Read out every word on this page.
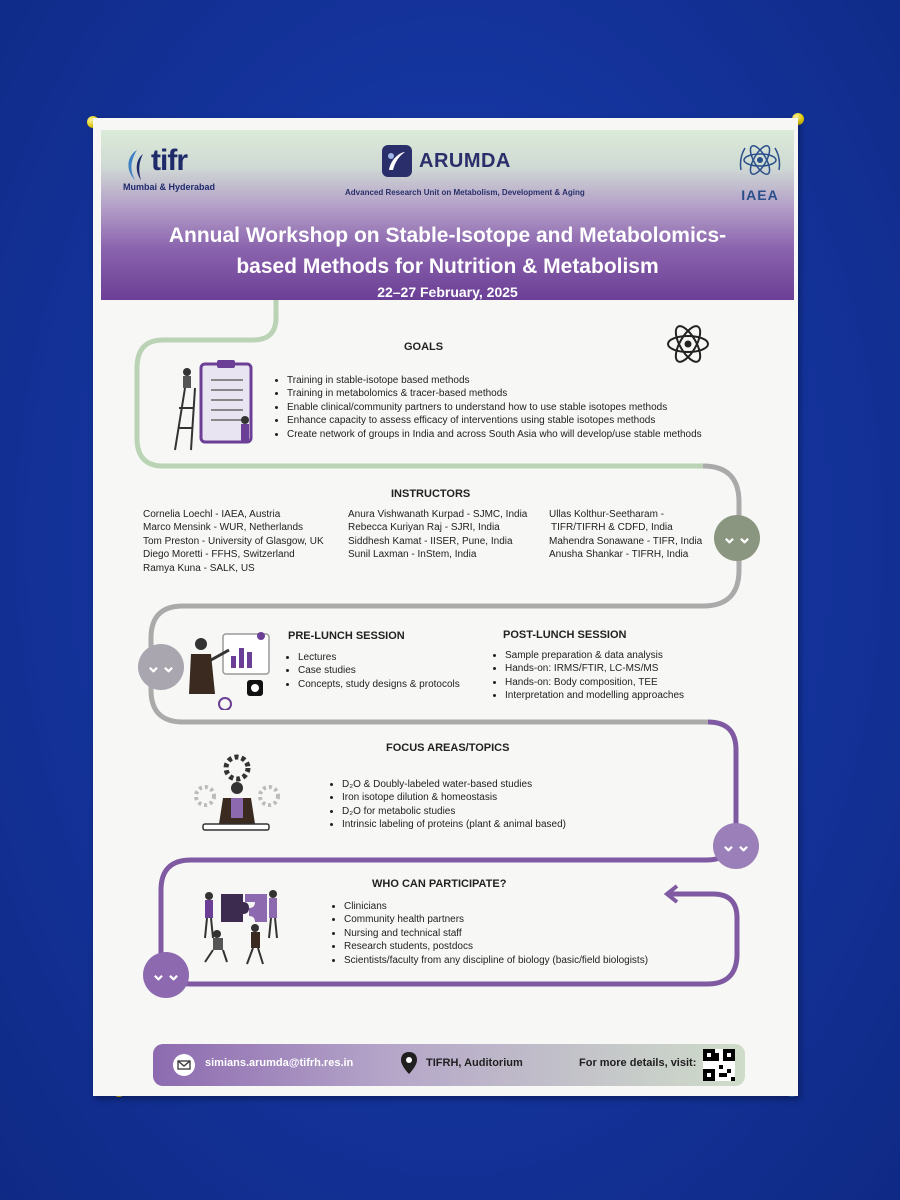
tifr
Mumbai & Hyderabad
ARUMDA
Advanced Research Unit on Metabolism, Development & Aging	IAEA
Annual Workshop on Stable-Isotope and Metabolomics-
based Methods for Nutrition & Metabolism
22–27 February, 2025
⌄⌄
⌄⌄
⌄⌄
⌄⌄
GOALS
• Training in stable-isotope based methods
• Training in metabolomics & tracer-based methods
• Enable clinical/community partners to understand how to use stable isotopes methods
• Enhance capacity to assess efficacy of interventions using stable isotopes methods
• Create network of groups in India and across South Asia who will develop/use stable methods
INSTRUCTORS
Cornelia Loechl - IAEA, Austria
Marco Mensink - WUR, Netherlands
Tom Preston - University of Glasgow, UK
Diego Moretti - FFHS, Switzerland
Ramya Kuna - SALK, US
Anura Vishwanath Kurpad - SJMC, India
Rebecca Kuriyan Raj - SJRI, India
Siddhesh Kamat - IISER, Pune, India
Sunil Laxman - InStem, India
Ullas Kolthur-Seetharam -
TIFR/TIFRH & CDFD, India
Mahendra Sonawane - TIFR, India
Anusha Shankar - TIFRH, India
PRE-LUNCH SESSION
• Lectures
• Case studies
• Concepts, study designs & protocols
POST-LUNCH SESSION
• Sample preparation & data analysis
• Hands-on: IRMS/FTIR, LC-MS/MS
• Hands-on: Body composition, TEE
• Interpretation and modelling approaches
FOCUS AREAS/TOPICS
• D₂O & Doubly-labeled water-based studies
• Iron isotope dilution & homeostasis
• D₂O for metabolic studies
• Intrinsic labeling of proteins (plant & animal based)
WHO CAN PARTICIPATE?
• Clinicians
• Community health partners
• Nursing and technical staff
• Research students, postdocs
• Scientists/faculty from any discipline of biology (basic/field biologists)
simians.arumda@tifrh.res.in	TIFRH, Auditorium	For more details, visit:
